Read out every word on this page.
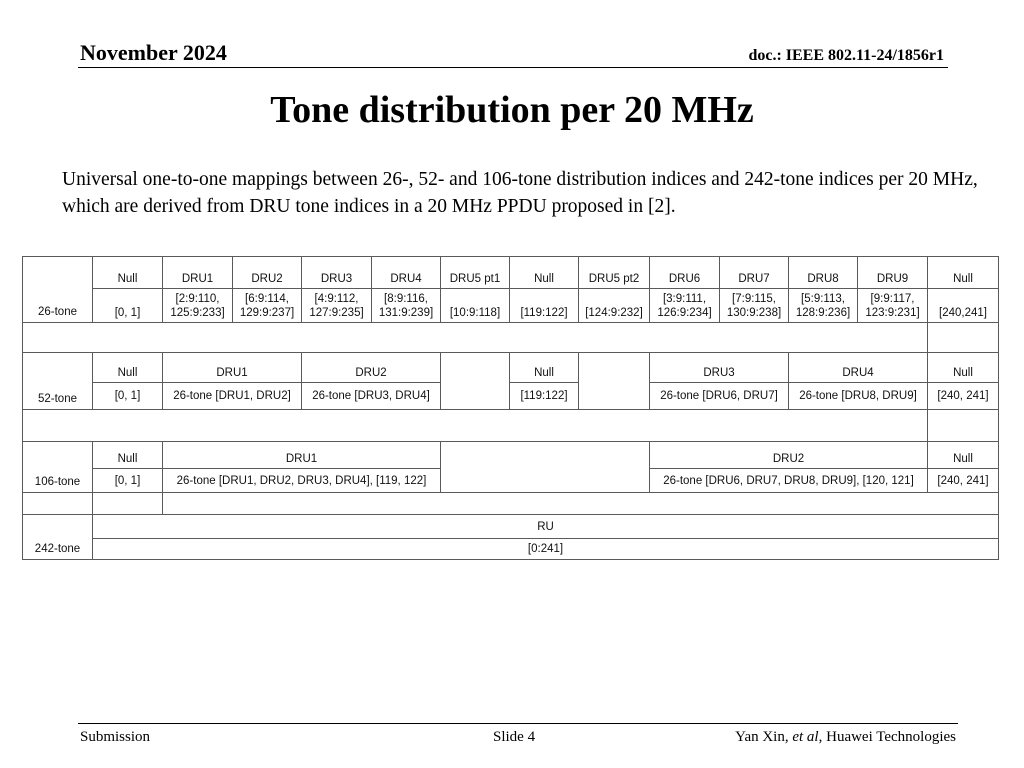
November 2024	doc.: IEEE 802.11-24/1856r1
Tone distribution per 20 MHz
Universal one-to-one mappings between 26-, 52- and 106-tone distribution indices and 242-tone indices per 20 MHz, which are derived from DRU tone indices in a 20 MHz PPDU proposed in [2].
26-tone	Null	DRU1	DRU2	DRU3	DRU4	DRU5 pt1	Null	DRU5 pt2	DRU6	DRU7	DRU8	DRU9	Null
	[0, 1]	[2:9:110, 125:9:233]	[6:9:114, 129:9:237]	[4:9:112, 127:9:235]	[8:9:116, 131:9:239]	[10:9:118]	[119:122]	[124:9:232]	[3:9:111, 126:9:234]	[7:9:115, 130:9:238]	[5:9:113, 128:9:236]	[9:9:117, 123:9:231]	[240,241]

52-tone	Null	DRU1		DRU2			Null		DRU3		DRU4		Null
	[0, 1]	26-tone [DRU1, DRU2]		26-tone [DRU3, DRU4]			[119:122]		26-tone [DRU6, DRU7]		26-tone [DRU8, DRU9]		[240, 241]

106-tone	Null	DRU1							DRU2				Null
	[0, 1]	26-tone [DRU1, DRU2, DRU3, DRU4], [119, 122]							26-tone [DRU6, DRU7, DRU8, DRU9], [120, 121]				[240, 241]

242-tone	RU												
	[0:241]												
Submission	Slide 4	Yan Xin, et al, Huawei Technologies
